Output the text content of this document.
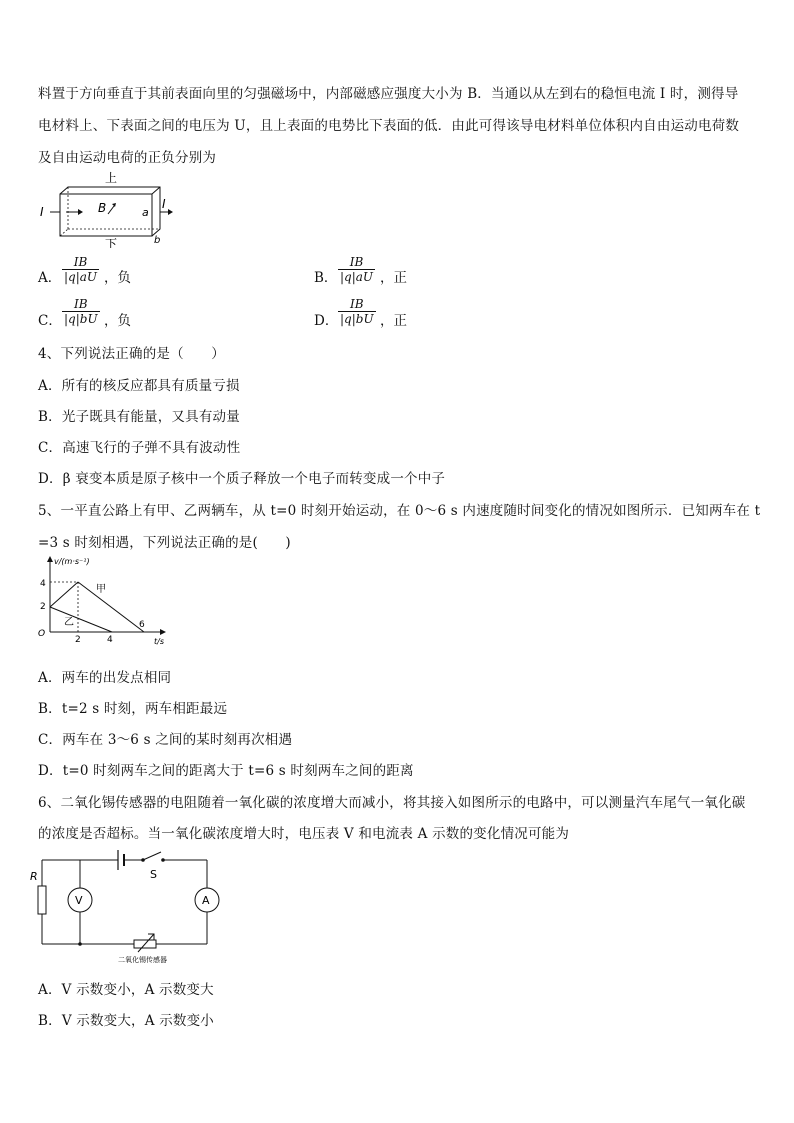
料置于方向垂直于其前表面向里的匀强磁场中，内部磁感应强度大小为 B．当通以从左到右的稳恒电流 I 时，测得导
电材料上、下表面之间的电压为 U，且上表面的电势比下表面的低．由此可得该导电材料单位体积内自由运动电荷数
及自由运动电荷的正负分别为
上
I	B	a
I
b
下
A． $\frac{IB}{|q|aU}$ ，负	B． $\frac{IB}{|q|aU}$ ，正
C． $\frac{IB}{|q|bU}$ ，负	D． $\frac{IB}{|q|bU}$ ，正
4、下列说法正确的是（　　）
A．所有的核反应都具有质量亏损
B．光子既具有能量，又具有动量
C．高速飞行的子弹不具有波动性
D．β 衰变本质是原子核中一个质子释放一个电子而转变成一个中子
5、一平直公路上有甲、乙两辆车，从 t=0 时刻开始运动，在 0～6 s 内速度随时间变化的情况如图所示．已知两车在 t
=3 s 时刻相遇，下列说法正确的是(　　)
v/(m·s⁻¹)
t/s
O
4
2
2	4
6
甲
乙
A．两车的出发点相同
B．t=2 s 时刻，两车相距最远
C．两车在 3～6 s 之间的某时刻再次相遇
D．t=0 时刻两车之间的距离大于 t=6 s 时刻两车之间的距离
6、二氧化锡传感器的电阻随着一氧化碳的浓度增大而减小，将其接入如图所示的电路中，可以测量汽车尾气一氧化碳
的浓度是否超标。当一氧化碳浓度增大时，电压表 V 和电流表 A 示数的变化情况可能为
S
R
V	A
二氧化锡传感器
A．V 示数变小，A 示数变大
B．V 示数变大，A 示数变小
